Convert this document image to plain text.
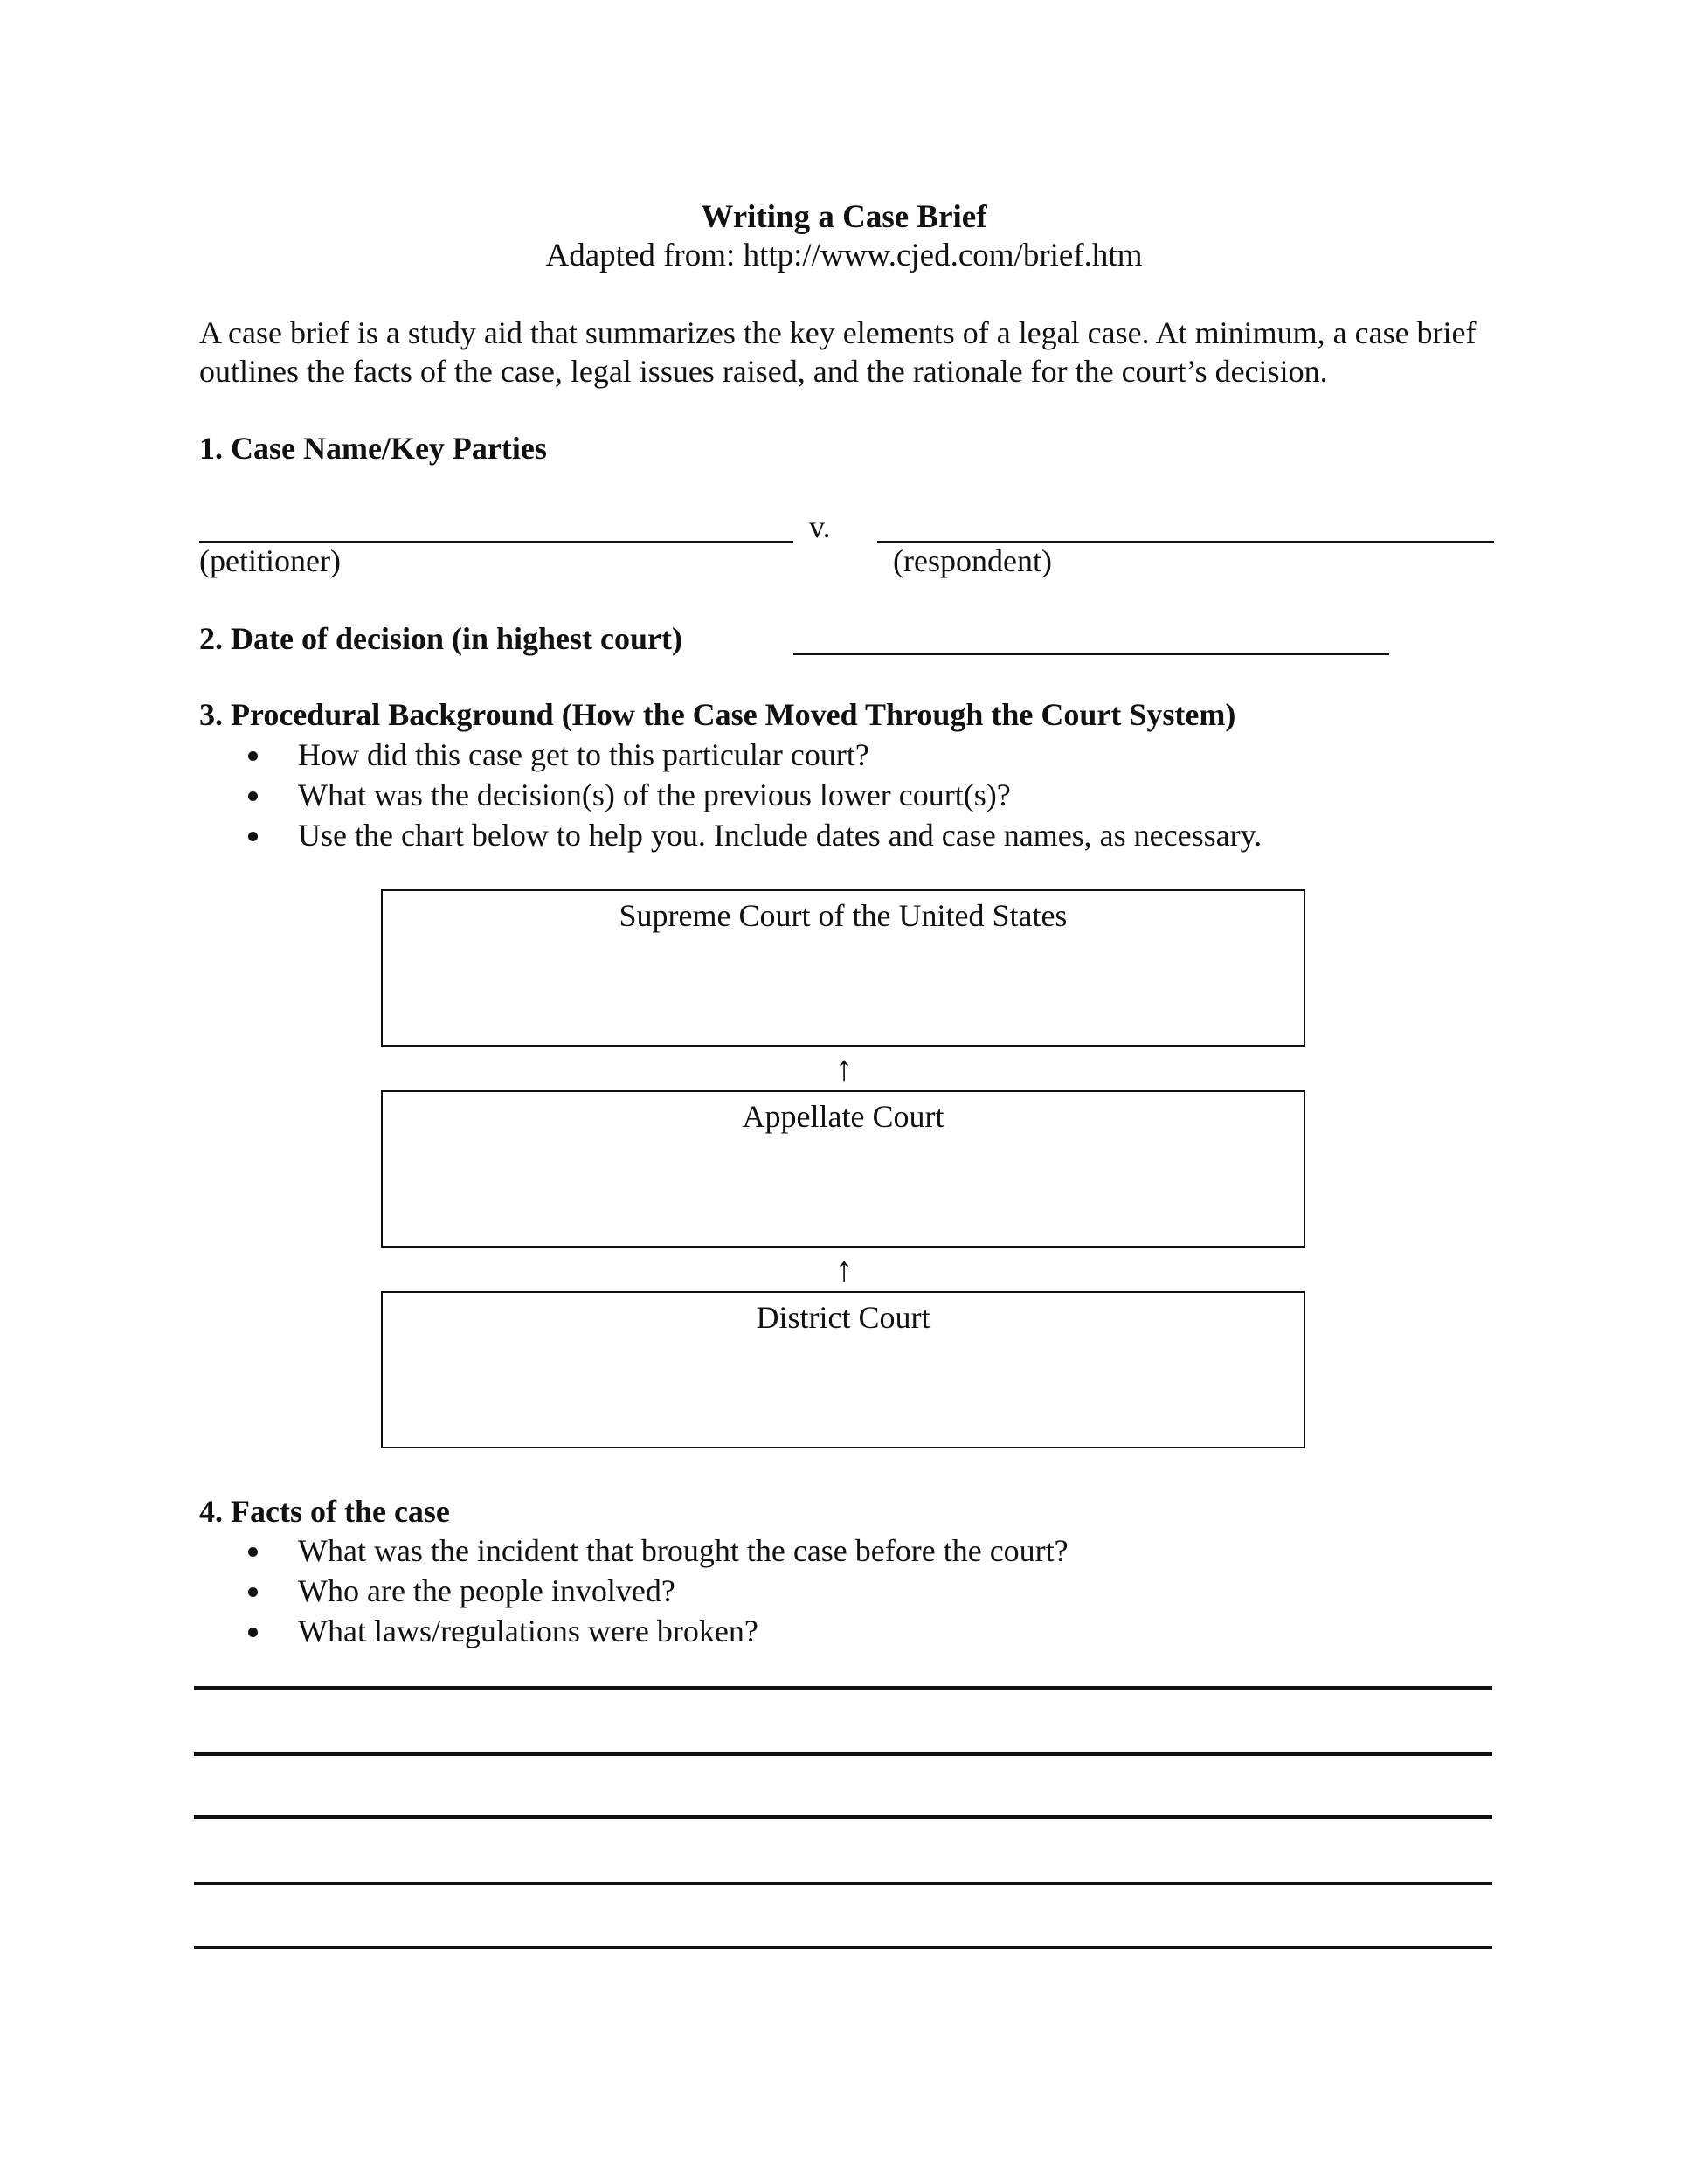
Writing a Case Brief
Adapted from: http://www.cjed.com/brief.htm
A case brief is a study aid that summarizes the key elements of a legal case. At minimum, a case brief outlines the facts of the case, legal issues raised, and the rationale for the court’s decision.
1. Case Name/Key Parties
v.
(petitioner)	(respondent)
2. Date of decision (in highest court)
3. Procedural Background (How the Case Moved Through the Court System)
How did this case get to this particular court?
What was the decision(s) of the previous lower court(s)?
Use the chart below to help you. Include dates and case names, as necessary.
Supreme Court of the United States
↑
Appellate Court
↑
District Court
4. Facts of the case
What was the incident that brought the case before the court?
Who are the people involved?
What laws/regulations were broken?
